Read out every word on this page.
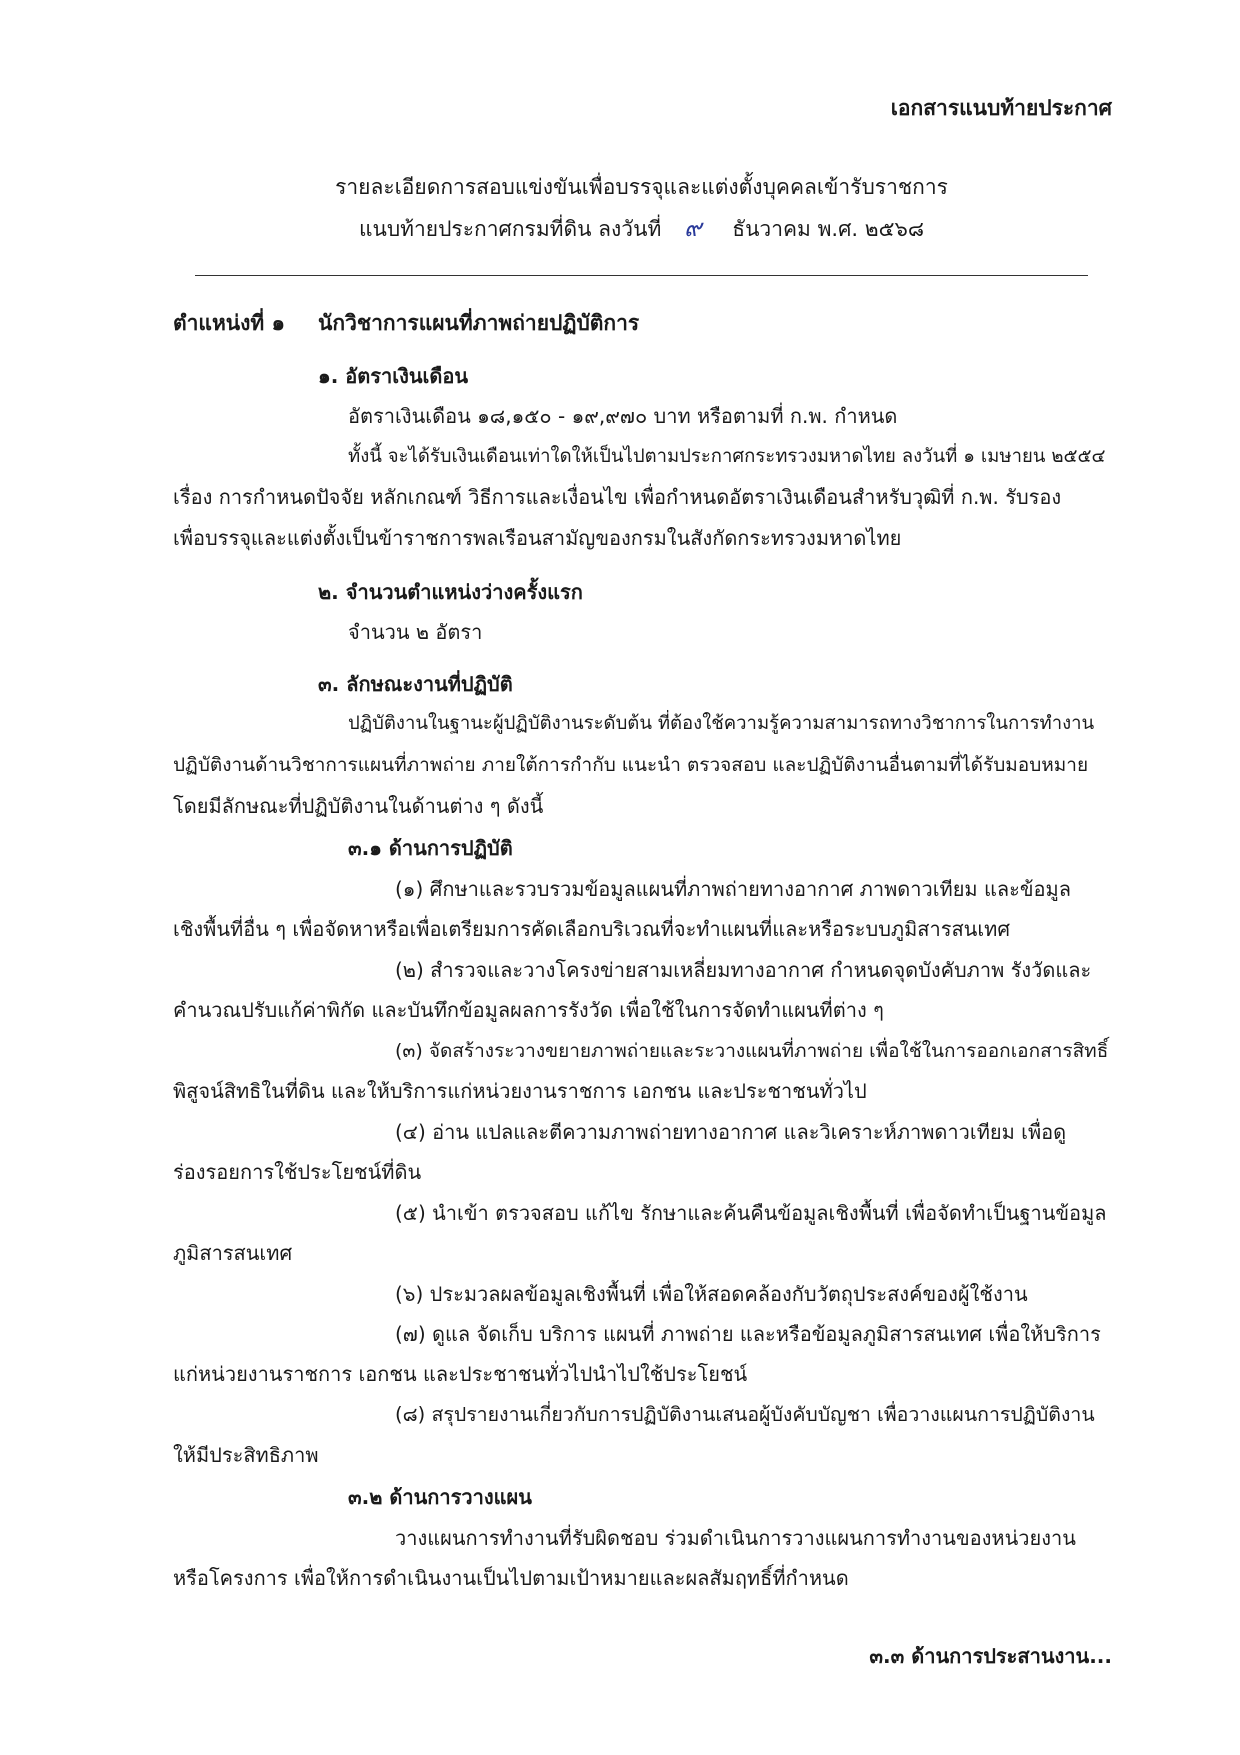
เอกสารแนบท้ายประกาศ
รายละเอียดการสอบแข่งขันเพื่อบรรจุและแต่งตั้งบุคคลเข้ารับราชการ
แนบท้ายประกาศกรมที่ดิน ลงวันที่ ๙ ธันวาคม พ.ศ. ๒๕๖๘
ตำแหน่งที่ ๑ นักวิชาการแผนที่ภาพถ่ายปฏิบัติการ
๑. อัตราเงินเดือน
อัตราเงินเดือน ๑๘,๑๕๐ - ๑๙,๙๗๐ บาท หรือตามที่ ก.พ. กำหนด
ทั้งนี้ จะได้รับเงินเดือนเท่าใดให้เป็นไปตามประกาศกระทรวงมหาดไทย ลงวันที่ ๑ เมษายน ๒๕๕๔
เรื่อง การกำหนดปัจจัย หลักเกณฑ์ วิธีการและเงื่อนไข เพื่อกำหนดอัตราเงินเดือนสำหรับวุฒิที่ ก.พ. รับรอง
เพื่อบรรจุและแต่งตั้งเป็นข้าราชการพลเรือนสามัญของกรมในสังกัดกระทรวงมหาดไทย
๒. จำนวนตำแหน่งว่างครั้งแรก
จำนวน ๒ อัตรา
๓. ลักษณะงานที่ปฏิบัติ
ปฏิบัติงานในฐานะผู้ปฏิบัติงานระดับต้น ที่ต้องใช้ความรู้ความสามารถทางวิชาการในการทำงาน
ปฏิบัติงานด้านวิชาการแผนที่ภาพถ่าย ภายใต้การกำกับ แนะนำ ตรวจสอบ และปฏิบัติงานอื่นตามที่ได้รับมอบหมาย
โดยมีลักษณะที่ปฏิบัติงานในด้านต่าง ๆ ดังนี้
๓.๑ ด้านการปฏิบัติ
(๑) ศึกษาและรวบรวมข้อมูลแผนที่ภาพถ่ายทางอากาศ ภาพดาวเทียม และข้อมูล
เชิงพื้นที่อื่น ๆ เพื่อจัดหาหรือเพื่อเตรียมการคัดเลือกบริเวณที่จะทำแผนที่และหรือระบบภูมิสารสนเทศ
(๒) สำรวจและวางโครงข่ายสามเหลี่ยมทางอากาศ กำหนดจุดบังคับภาพ รังวัดและ
คำนวณปรับแก้ค่าพิกัด และบันทึกข้อมูลผลการรังวัด เพื่อใช้ในการจัดทำแผนที่ต่าง ๆ
(๓) จัดสร้างระวางขยายภาพถ่ายและระวางแผนที่ภาพถ่าย เพื่อใช้ในการออกเอกสารสิทธิ์
พิสูจน์สิทธิในที่ดิน และให้บริการแก่หน่วยงานราชการ เอกชน และประชาชนทั่วไป
(๔) อ่าน แปลและตีความภาพถ่ายทางอากาศ และวิเคราะห์ภาพดาวเทียม เพื่อดู
ร่องรอยการใช้ประโยชน์ที่ดิน
(๕) นำเข้า ตรวจสอบ แก้ไข รักษาและค้นคืนข้อมูลเชิงพื้นที่ เพื่อจัดทำเป็นฐานข้อมูล
ภูมิสารสนเทศ
(๖) ประมวลผลข้อมูลเชิงพื้นที่ เพื่อให้สอดคล้องกับวัตถุประสงค์ของผู้ใช้งาน
(๗) ดูแล จัดเก็บ บริการ แผนที่ ภาพถ่าย และหรือข้อมูลภูมิสารสนเทศ เพื่อให้บริการ
แก่หน่วยงานราชการ เอกชน และประชาชนทั่วไปนำไปใช้ประโยชน์
(๘) สรุปรายงานเกี่ยวกับการปฏิบัติงานเสนอผู้บังคับบัญชา เพื่อวางแผนการปฏิบัติงาน
ให้มีประสิทธิภาพ
๓.๒ ด้านการวางแผน
วางแผนการทำงานที่รับผิดชอบ ร่วมดำเนินการวางแผนการทำงานของหน่วยงาน
หรือโครงการ เพื่อให้การดำเนินงานเป็นไปตามเป้าหมายและผลสัมฤทธิ์ที่กำหนด
๓.๓ ด้านการประสานงาน...
